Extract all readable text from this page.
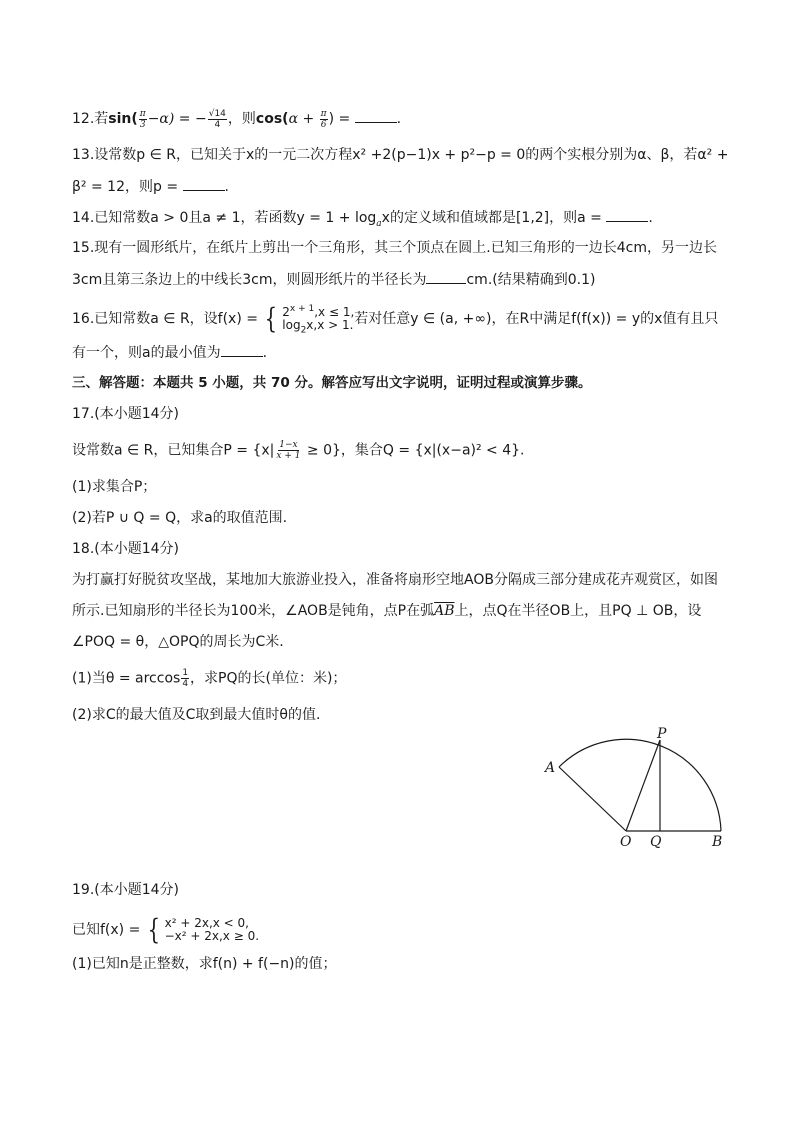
12.若$\sin( \frac{\pi}{3} -\alpha)$ = − $\frac{√14}{4}$ ，则$\cos(\alpha + \frac{\pi}{6}$ ) =	.
13.设常数p ∈ R，已知关于x的一元二次方程x² +2(p−1)x + p²−p = 0的两个实根分别为α、β，若α² +
β² = 12，则p =	.
14.已知常数a > 0且a ≠ 1，若函数$y = 1 + \log_ax$的定义域和值域都是[1,2]，则a =	.
15.现有一圆形纸片，在纸片上剪出一个三角形，其三个顶点在圆上.已知三角形的一边长4cm，另一边长
3cm且第三条边上的中线长3cm，则圆形纸片的半径长为	cm.(结果精确到0.1)
16.已知常数a ∈ R，设f(x) = { $2^{x + 1},x \le 1$,
$\log_2x,x > 1$. 若对任意y ∈ (a, +∞)，在R中满足f(f(x)) = y的x值有且只
有一个，则a的最小值为	.
三、解答题：本题共 5 小题，共 70 分。解答应写出文字说明，证明过程或演算步骤。
17.(本小题14分)
设常数a ∈ R，已知集合$P = \{x| \frac{1-x}{x + 1} \ge 0\}$，集合Q = {x|(x−a)² < 4}.
(1)求集合P；
(2)若P ∪ Q = Q，求a的取值范围.
18.(本小题14分)
为打赢打好脱贫攻坚战，某地加大旅游业投入，准备将扇形空地AOB分隔成三部分建成花卉观赏区，如图
所示.已知扇形的半径长为100米，∠AOB是钝角，点P在弧$\overline{AB}$上，点Q在半径OB上，且PQ ⊥ OB，设
∠POQ = θ，△OPQ的周长为C米.
(1)当$\theta = \arccos \frac{1}{4}$ ，求PQ的长(单位：米)；
(2)求C的最大值及C取到最大值时θ的值.
P
A
O Q	B
19.(本小题14分)
已知f(x) = { x² + 2x,x < 0,
−x² + 2x,x ≥ 0.
(1)已知n是正整数，求f(n) + f(−n)的值；
